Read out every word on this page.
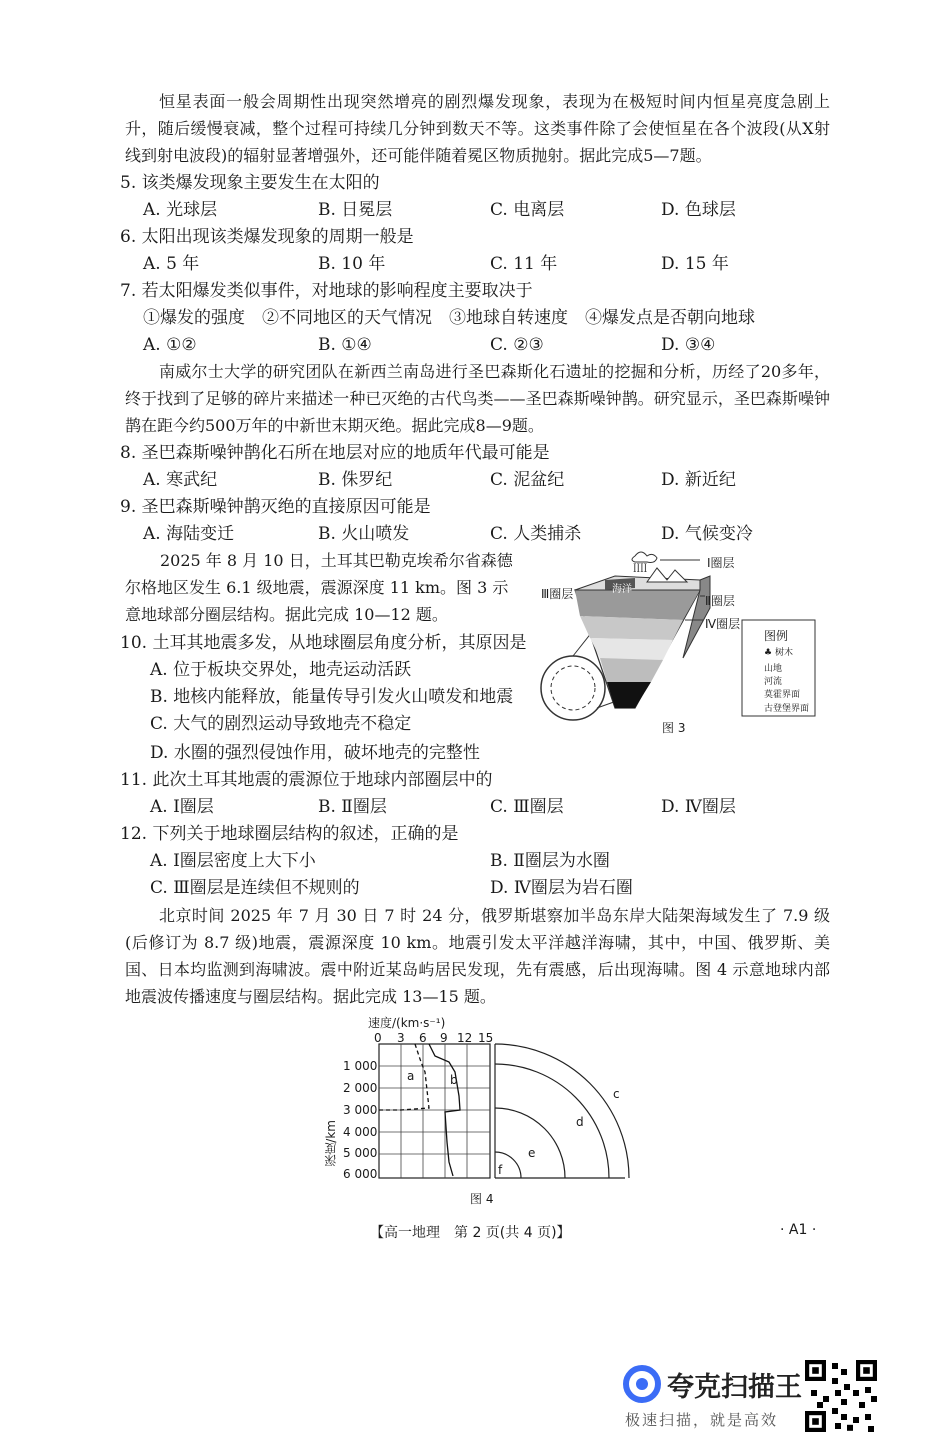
恒星表面一般会周期性出现突然增亮的剧烈爆发现象，表现为在极短时间内恒星亮度急剧上升，随后缓慢衰减，整个过程可持续几分钟到数天不等。这类事件除了会使恒星在各个波段(从X射线到射电波段)的辐射显著增强外，还可能伴随着冕区物质抛射。据此完成5—7题。

5. 该类爆发现象主要发生在太阳的
A. 光球层	B. 日冕层	C. 电离层	D. 色球层
6. 太阳出现该类爆发现象的周期一般是
A. 5 年	B. 10 年	C. 11 年	D. 15 年
7. 若太阳爆发类似事件，对地球的影响程度主要取决于
①爆发的强度　②不同地区的天气情况　③地球自转速度　④爆发点是否朝向地球
A. ①②	B. ①④	C. ②③	D. ③④

南威尔士大学的研究团队在新西兰南岛进行圣巴森斯化石遗址的挖掘和分析，历经了20多年，终于找到了足够的碎片来描述一种已灭绝的古代鸟类——圣巴森斯噪钟鹊。研究显示，圣巴森斯噪钟鹊在距今约500万年的中新世末期灭绝。据此完成8—9题。

8. 圣巴森斯噪钟鹊化石所在地层对应的地质年代最可能是
A. 寒武纪	B. 侏罗纪	C. 泥盆纪	D. 新近纪
9. 圣巴森斯噪钟鹊灭绝的直接原因可能是
A. 海陆变迁	B. 火山喷发	C. 人类捕杀	D. 气候变冷
2025 年 8 月 10 日，土耳其巴勒克埃希尔省森德
尔格地区发生 6.1 级地震，震源深度 11 km。图 3 示
意地球部分圈层结构。据此完成 10—12 题。
10. 土耳其地震多发，从地球圈层角度分析，其原因是
A. 位于板块交界处，地壳运动活跃
B. 地核内能释放，能量传导引发火山喷发和地震
C. 大气的剧烈运动导致地壳不稳定
D. 水圈的强烈侵蚀作用，破坏地壳的完整性
ꟾꟾꟾꟾ	Ⅰ圈层
Ⅲ圈层	海洋
Ⅱ圈层
Ⅳ圈层
图例
♣ 树木
山地
河流
莫霍界面
古登堡界面
图 3
11. 此次土耳其地震的震源位于地球内部圈层中的
A. Ⅰ圈层	B. Ⅱ圈层	C. Ⅲ圈层	D. Ⅳ圈层
12. 下列关于地球圈层结构的叙述，正确的是
A. Ⅰ圈层密度上大下小	B. Ⅱ圈层为水圈
C. Ⅲ圈层是连续但不规则的	D. Ⅳ圈层为岩石圈

北京时间 2025 年 7 月 30 日 7 时 24 分，俄罗斯堪察加半岛东岸大陆架海域发生了 7.9 级(后修订为 8.7 级)地震，震源深度 10 km。地震引发太平洋越洋海啸，其中，中国、俄罗斯、美国、日本均监测到海啸波。震中附近某岛屿居民发现，先有震感，后出现海啸。图 4 示意地球内部地震波传播速度与圈层结构。据此完成 13—15 题。

速度/(km·s⁻¹)
0 3 6 9 12 15
1 000
2 000
3 000
4 000
5 000
6 000
深度/km
a	b
c
d
e
f
图 4
【高一地理　第 2 页(共 4 页)】	· A1 ·
夸克扫描王
极速扫描，就是高效
